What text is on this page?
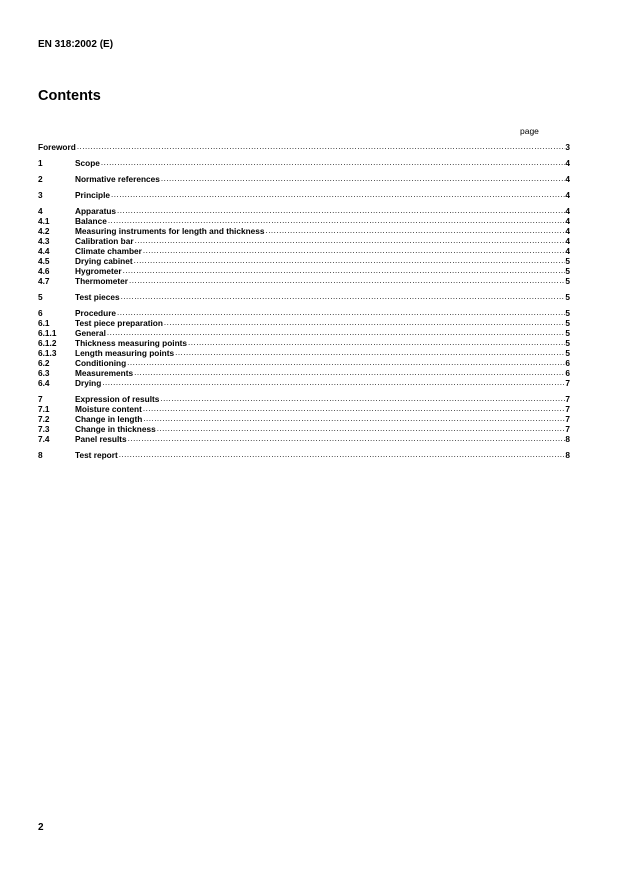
EN 318:2002 (E)
Contents
page
Foreword .....	3
1	Scope .....	4
2	Normative references .....	4
3	Principle .....	4
4	Apparatus .....	4
4.1	Balance .....	4
4.2	Measuring instruments for length and thickness .....	4
4.3	Calibration bar .....	4
4.4	Climate chamber .....	4
4.5	Drying cabinet .....	5
4.6	Hygrometer .....	5
4.7	Thermometer .....	5
5	Test pieces .....	5
6	Procedure .....	5
6.1	Test piece preparation .....	5
6.1.1	General .....	5
6.1.2	Thickness measuring points .....	5
6.1.3	Length measuring points .....	5
6.2	Conditioning .....	6
6.3	Measurements .....	6
6.4	Drying .....	7
7	Expression of results .....	7
7.1	Moisture content .....	7
7.2	Change in length .....	7
7.3	Change in thickness .....	7
7.4	Panel results .....	8
8	Test report .....	8
2
